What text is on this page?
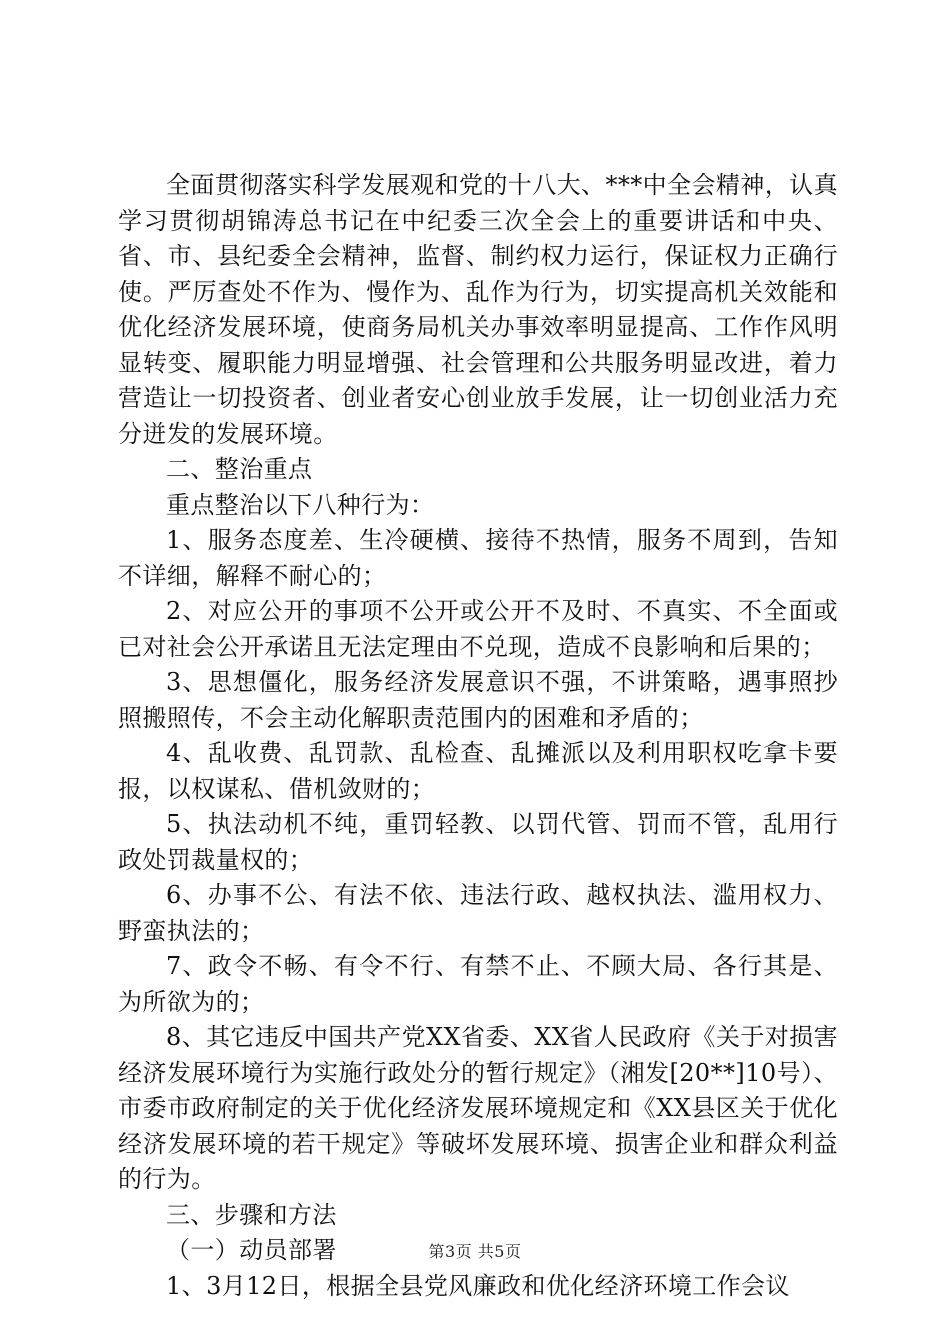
全面贯彻落实科学发展观和党的十八大、***中全会精神，认真学习贯彻胡锦涛总书记在中纪委三次全会上的重要讲话和中央、省、市、县纪委全会精神，监督、制约权力运行，保证权力正确行使。严厉查处不作为、慢作为、乱作为行为，切实提高机关效能和优化经济发展环境，使商务局机关办事效率明显提高、工作作风明显转变、履职能力明显增强、社会管理和公共服务明显改进，着力营造让一切投资者、创业者安心创业放手发展，让一切创业活力充分迸发的发展环境。

二、整治重点

重点整治以下八种行为：

1、服务态度差、生冷硬横、接待不热情，服务不周到，告知不详细，解释不耐心的；

2、对应公开的事项不公开或公开不及时、不真实、不全面或已对社会公开承诺且无法定理由不兑现，造成不良影响和后果的；

3、思想僵化，服务经济发展意识不强，不讲策略，遇事照抄照搬照传，不会主动化解职责范围内的困难和矛盾的；

4、乱收费、乱罚款、乱检查、乱摊派以及利用职权吃拿卡要报，以权谋私、借机敛财的；

5、执法动机不纯，重罚轻教、以罚代管、罚而不管，乱用行政处罚裁量权的；

6、办事不公、有法不依、违法行政、越权执法、滥用权力、野蛮执法的；

7、政令不畅、有令不行、有禁不止、不顾大局、各行其是、为所欲为的；

8、其它违反中国共产党XX省委、XX省人民政府《关于对损害经济发展环境行为实施行政处分的暂行规定》（湘发[20**]10号）、市委市政府制定的关于优化经济发展环境规定和《XX县区关于优化经济发展环境的若干规定》等破坏发展环境、损害企业和群众利益的行为。

三、步骤和方法

（一）动员部署

1、3月12日，根据全县党风廉政和优化经济环境工作会议

第3页 共5页
